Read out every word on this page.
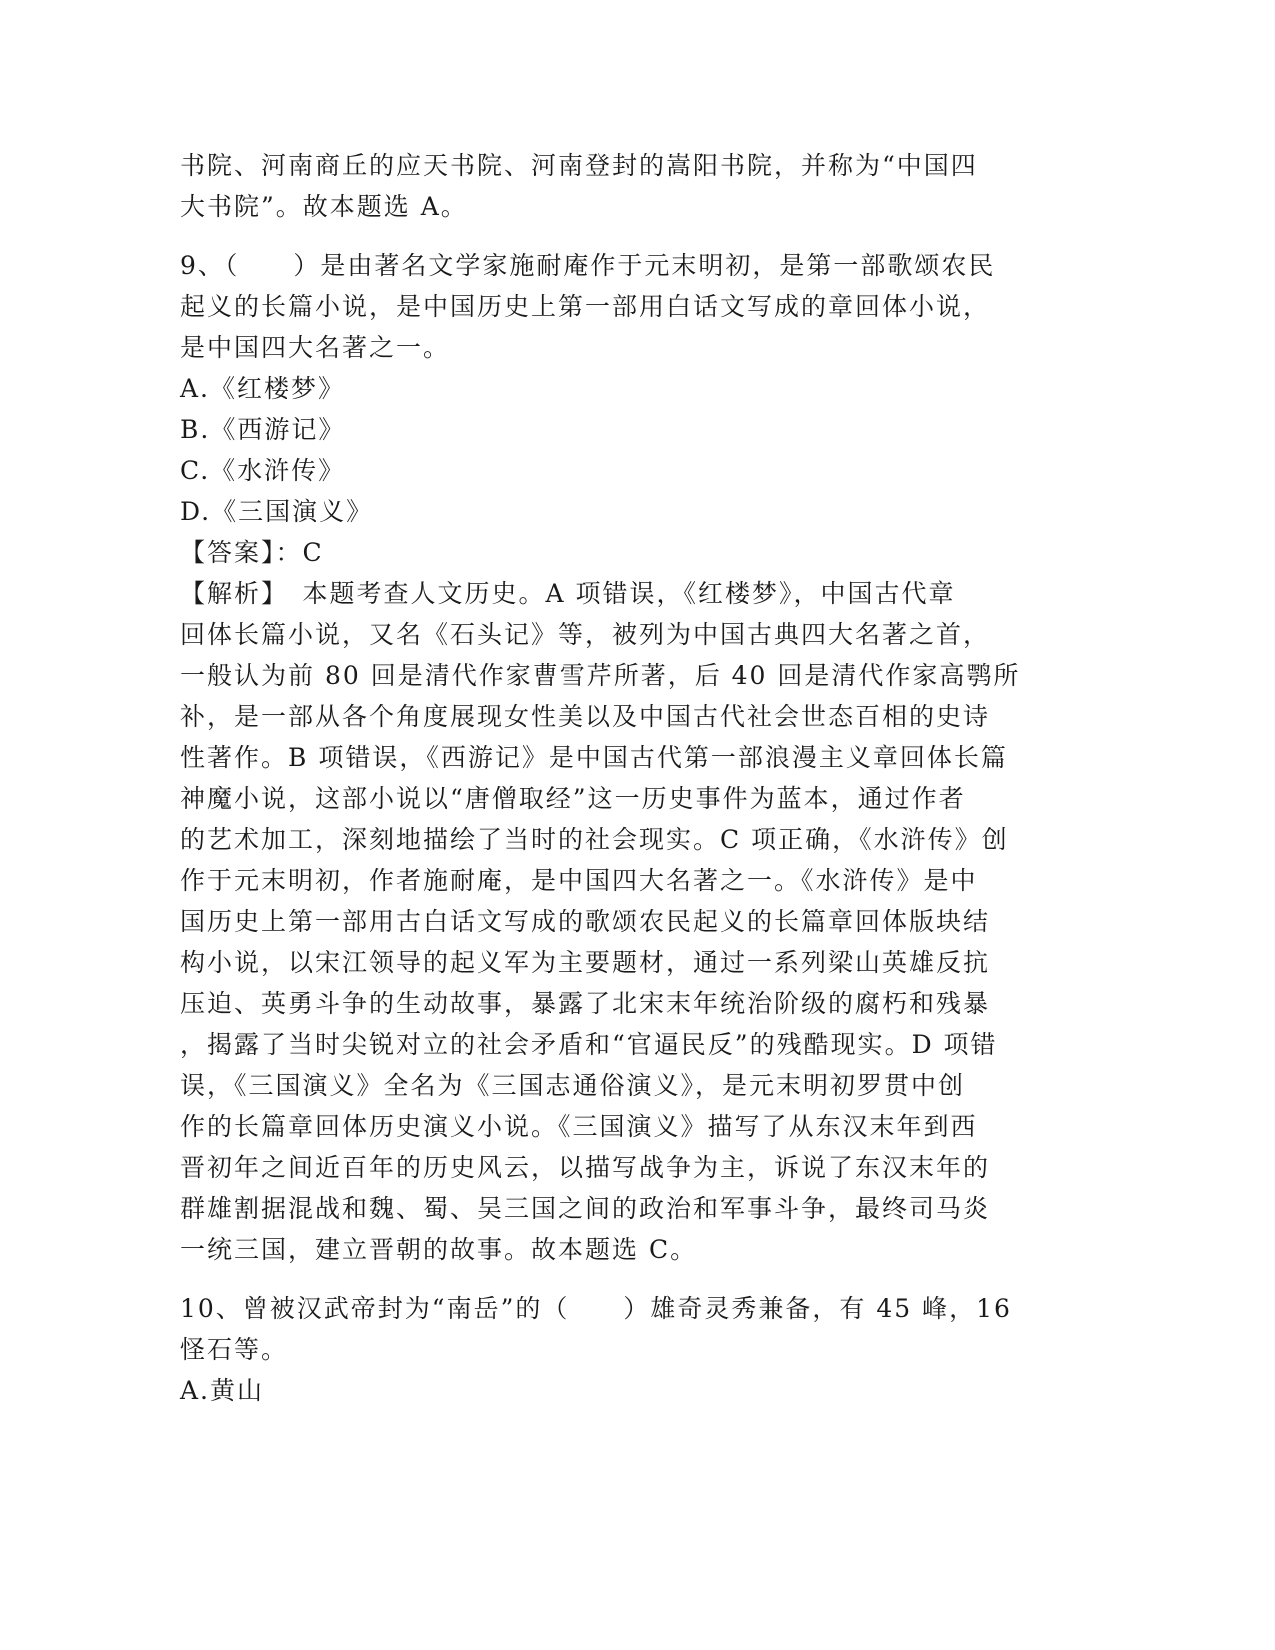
书院、河南商丘的应天书院、河南登封的嵩阳书院，并称为“中国四
大书院”。故本题选 A。
9、（　　）是由著名文学家施耐庵作于元末明初，是第一部歌颂农民
起义的长篇小说，是中国历史上第一部用白话文写成的章回体小说，
是中国四大名著之一。
A.《红楼梦》
B.《西游记》
C.《水浒传》
D.《三国演义》
【答案】：C
【解析】　本题考查人文历史。A 项错误，《红楼梦》，中国古代章
回体长篇小说，又名《石头记》等，被列为中国古典四大名著之首，
一般认为前 80 回是清代作家曹雪芹所著，后 40 回是清代作家高鹗所
补，是一部从各个角度展现女性美以及中国古代社会世态百相的史诗
性著作。B 项错误，《西游记》是中国古代第一部浪漫主义章回体长篇
神魔小说，这部小说以“唐僧取经”这一历史事件为蓝本，通过作者
的艺术加工，深刻地描绘了当时的社会现实。C 项正确，《水浒传》创
作于元末明初，作者施耐庵，是中国四大名著之一。《水浒传》是中
国历史上第一部用古白话文写成的歌颂农民起义的长篇章回体版块结
构小说，以宋江领导的起义军为主要题材，通过一系列梁山英雄反抗
压迫、英勇斗争的生动故事，暴露了北宋末年统治阶级的腐朽和残暴
，揭露了当时尖锐对立的社会矛盾和“官逼民反”的残酷现实。D 项错
误，《三国演义》全名为《三国志通俗演义》，是元末明初罗贯中创
作的长篇章回体历史演义小说。《三国演义》描写了从东汉末年到西
晋初年之间近百年的历史风云，以描写战争为主，诉说了东汉末年的
群雄割据混战和魏、蜀、吴三国之间的政治和军事斗争，最终司马炎
一统三国，建立晋朝的故事。故本题选 C。
10、曾被汉武帝封为“南岳”的（　　）雄奇灵秀兼备，有 45 峰，16
怪石等。
A.黄山
